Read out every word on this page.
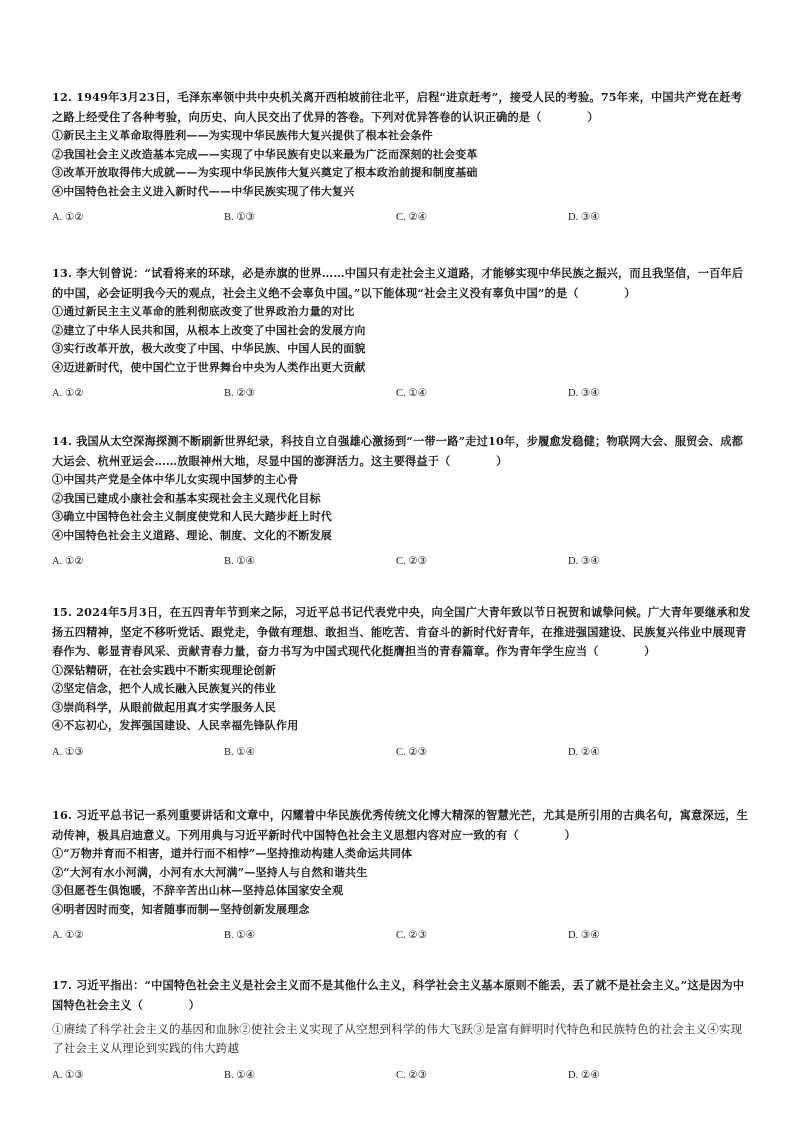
12. 1949年3月23日，毛泽东率领中共中央机关离开西柏坡前往北平，启程“进京赶考”，接受人民的考验。75年来，中国共产党在赶考之路上经受住了各种考验，向历史、向人民交出了优异的答卷。下列对优异答卷的认识正确的是（　　　　）

①新民主主义革命取得胜利——为实现中华民族伟大复兴提供了根本社会条件

②我国社会主义改造基本完成——实现了中华民族有史以来最为广泛而深刻的社会变革

③改革开放取得伟大成就——为实现中华民族伟大复兴奠定了根本政治前提和制度基础

④中国特色社会主义进入新时代——中华民族实现了伟大复兴

A. ①②	B. ①③	C. ②④	D. ③④

13. 李大钊曾说：“试看将来的环球，必是赤旗的世界……中国只有走社会主义道路，才能够实现中华民族之振兴，而且我坚信，一百年后的中国，必会证明我今天的观点，社会主义绝不会辜负中国。”以下能体现“社会主义没有辜负中国”的是（　　　　）

①通过新民主主义革命的胜利彻底改变了世界政治力量的对比

②建立了中华人民共和国，从根本上改变了中国社会的发展方向

③实行改革开放，极大改变了中国、中华民族、中国人民的面貌

④迈进新时代，使中国伫立于世界舞台中央为人类作出更大贡献

A. ①②	B. ②③	C. ①④	D. ③④

14. 我国从太空深海探测不断刷新世界纪录，科技自立自强雄心激扬到“一带一路”走过10年，步履愈发稳健；物联网大会、服贸会、成都大运会、杭州亚运会……放眼神州大地，尽显中国的澎湃活力。这主要得益于（　　　　）

①中国共产党是全体中华儿女实现中国梦的主心骨

②我国已建成小康社会和基本实现社会主义现代化目标

③确立中国特色社会主义制度使党和人民大踏步赶上时代

④中国特色社会主义道路、理论、制度、文化的不断发展

A. ①②	B. ①④	C. ②③	D. ③④

15. 2024年5月3日，在五四青年节到来之际，习近平总书记代表党中央，向全国广大青年致以节日祝贺和诚挚问候。广大青年要继承和发扬五四精神，坚定不移听党话、跟党走，争做有理想、敢担当、能吃苦、肯奋斗的新时代好青年，在推进强国建设、民族复兴伟业中展现青春作为、彰显青春风采、贡献青春力量，奋力书写为中国式现代化挺膺担当的青春篇章。作为青年学生应当（　　　　）

①深钻精研，在社会实践中不断实现理论创新

②坚定信念，把个人成长融入民族复兴的伟业

③崇尚科学，从眼前做起用真才实学服务人民

④不忘初心，发挥强国建设、人民幸福先锋队作用

A. ①③	B. ①④	C. ②③	D. ②④

16. 习近平总书记一系列重要讲话和文章中，闪耀着中华民族优秀传统文化博大精深的智慧光芒，尤其是所引用的古典名句，寓意深远，生动传神，极具启迪意义。下列用典与习近平新时代中国特色社会主义思想内容对应一致的有（　　　　）

①“万物并育而不相害，道并行而不相悖”—坚持推动构建人类命运共同体

②“大河有水小河满，小河有水大河满”—坚持人与自然和谐共生

③但愿苍生俱饱暖，不辞辛苦出山林—坚持总体国家安全观

④明者因时而变，知者随事而制—坚持创新发展理念

A. ①②	B. ①④	C. ②③	D. ③④

17. 习近平指出：“中国特色社会主义是社会主义而不是其他什么主义，科学社会主义基本原则不能丢，丢了就不是社会主义。”这是因为中国特色社会主义（　　　　）

①赓续了科学社会主义的基因和血脉②使社会主义实现了从空想到科学的伟大飞跃③是富有鲜明时代特色和民族特色的社会主义④实现了社会主义从理论到实践的伟大跨越

A. ①③	B. ①④	C. ②③	D. ②④
